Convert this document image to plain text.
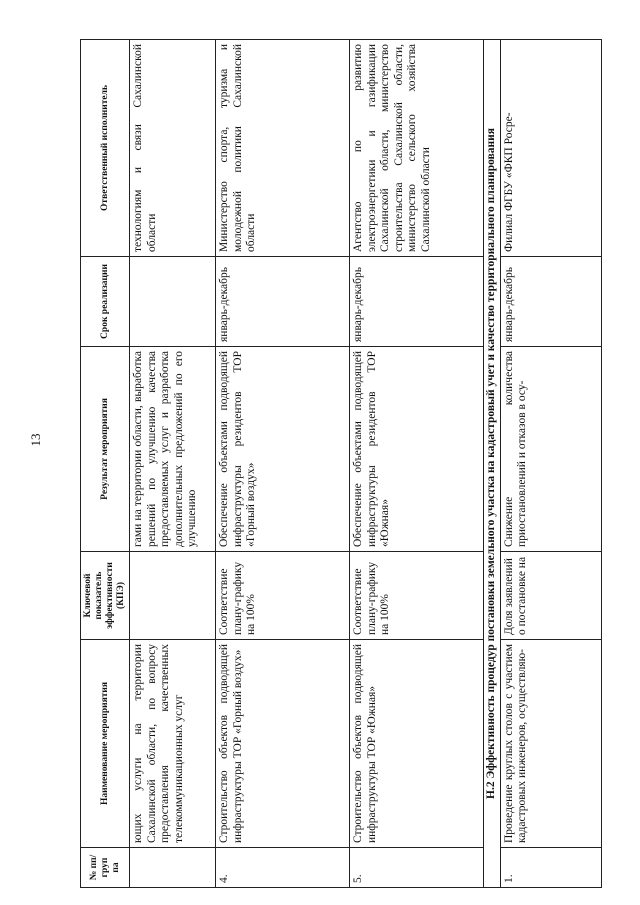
13
№ пп/ груп па	Наименование мероприятия	Ключевой показатель эффективности (КПЭ)	Результат мероприятия	Срок реализации	Ответственный исполнитель
	ющих услуги на территории Сахалинской области, по вопросу предоставления качественных телекоммуникационных услуг		гами на территории области, выработка решений по улучшению качества предоставляемых услуг и разработка дополнительных предложений по его улучшению		технологиям и связи Сахалинской области
4.	Строительство объектов подводящей инфраструктуры ТОР «Горный воздух»	Соответствие плану-графику на 100%	Обеспечение объектами подводящей инфраструктуры резидентов ТОР «Горный воздух»	январь-декабрь	Министерство спорта, туризма и молодежной политики Сахалинской области
5.	Строительство объектов подводящей инфраструктуры ТОР «Южная»	Соответствие плану-графику на 100%	Обеспечение объектами подводящей инфраструктуры резидентов ТОР «Южная»	январь-декабрь	Агентство по развитию электроэнергетики и газификации Сахалинской области, министерство строительства Сахалинской области, министерство сельского хозяйства Сахалинской области
Н.2 Эффективность процедур постановки земельного участка на кадастровый учет и качество территориального планирования					
1.	Проведение круглых столов с участием кадастровых инженеров, осуществляю-	Доля заявлений о постановке на	Снижение количества приостановлений и отказов в осу-	январь-декабрь	Филиал ФГБУ «ФКП Росре-
